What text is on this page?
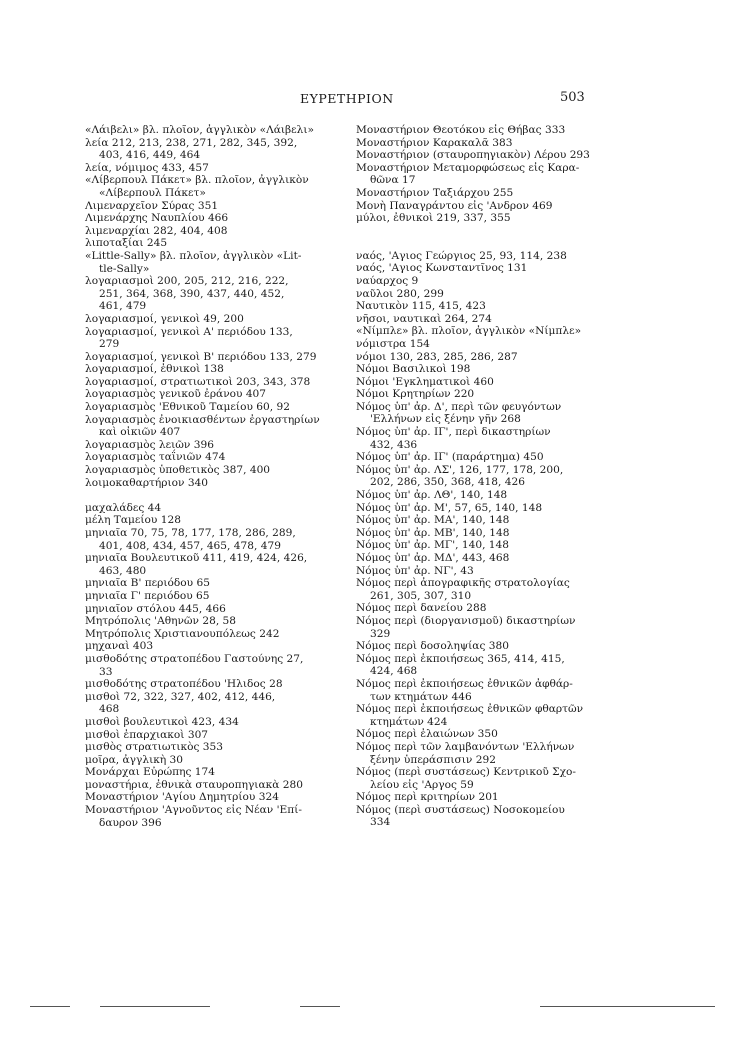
ΕΥΡΕΤΗΡΙΟΝ	503
«Λάιβελι» βλ. πλοῖον, ἀγγλικὸν «Λάιβελι»
λεία 212, 213, 238, 271, 282, 345, 392,
403, 416, 449, 464
λεία, νόμιμος 433, 457
«Λίβερπουλ Πάκετ» βλ. πλοῖον, ἀγγλικὸν
«Λίβερπουλ Πάκετ»
Λιμεναρχεῖον Σύρας 351
Λιμενάρχης Ναυπλίου 466
λιμεναρχίαι 282, 404, 408
λιποταξίαι 245
«Little-Sally» βλ. πλοῖον, ἀγγλικὸν «Lit-
tle-Sally»
λογαριασμοὶ 200, 205, 212, 216, 222,
251, 364, 368, 390, 437, 440, 452,
461, 479
λογαριασμοί, γενικοὶ 49, 200
λογαριασμοί, γενικοὶ Α' περιόδου 133,
279
λογαριασμοί, γενικοὶ Β' περιόδου 133, 279
λογαριασμοί, ἐθνικοὶ 138
λογαριασμοί, στρατιωτικοὶ 203, 343, 378
λογαριασμὸς γενικοῦ ἐράνου 407
λογαριασμὸς 'Εθνικοῦ Ταμείου 60, 92
λογαριασμὸς ἐνοικιασθέντων ἐργαστηρίων
καὶ οἰκιῶν 407
λογαριασμὸς λειῶν 396
λογαριασμὸς ταΐνιῶν 474
λογαριασμὸς ὑποθετικὸς 387, 400
λοιμοκαθαρτήριον 340
μαχαλάδες 44
μέλη Ταμείου 128
μηνιαῖα 70, 75, 78, 177, 178, 286, 289,
401, 408, 434, 457, 465, 478, 479
μηνιαῖα Βουλευτικοῦ 411, 419, 424, 426,
463, 480
μηνιαῖα Β' περιόδου 65
μηνιαῖα Γ' περιόδου 65
μηνιαῖον στόλου 445, 466
Μητρόπολις 'Αθηνῶν 28, 58
Μητρόπολις Χριστιανουπόλεως 242
μηχαναὶ 403
μισθοδότης στρατοπέδου Γαστούνης 27,
33
μισθοδότης στρατοπέδου 'Ηλιδος 28
μισθοὶ 72, 322, 327, 402, 412, 446,
468
μισθοὶ βουλευτικοὶ 423, 434
μισθοὶ ἐπαρχιακοὶ 307
μισθὸς στρατιωτικὸς 353
μοῖρα, ἀγγλικὴ 30
Μονάρχαι Εὐρώπης 174
μοναστήρια, ἐθνικὰ σταυροπηγιακὰ 280
Μοναστήριον 'Αγίου Δημητρίου 324
Μοναστήριον 'Αγνοῦντος εἰς Νέαν 'Επί-
δαυρον 396
Μοναστήριον Θεοτόκου εἰς Θήβας 333
Μοναστήριον Καρακαλᾶ 383
Μοναστήριον (σταυροπηγιακὸν) Λέρου 293
Μοναστήριον Μεταμορφώσεως εἰς Καρα-
θῶνα 17
Μοναστήριον Ταξιάρχου 255
Μονὴ Παναγράντου εἰς 'Ανδρον 469
μύλοι, ἐθνικοὶ 219, 337, 355
ναός, 'Αγιος Γεώργιος 25, 93, 114, 238
ναός, 'Αγιος Κωνσταντῖνος 131
ναύαρχος 9
ναῦλοι 280, 299
Ναυτικὸν 115, 415, 423
νῆσοι, ναυτικαὶ 264, 274
«Νίμπλε» βλ. πλοῖον, ἀγγλικὸν «Νίμπλε»
νόμιστρα 154
νόμοι 130, 283, 285, 286, 287
Νόμοι Βασιλικοὶ 198
Νόμοι 'Εγκληματικοὶ 460
Νόμοι Κρητηρίων 220
Νόμος ὑπ' ἀρ. Δ', περὶ τῶν φευγόντων
'Ελλήνων εἰς ξένην γῆν 268
Νόμος ὑπ' ἀρ. ΙΓ', περὶ δικαστηρίων
432, 436
Νόμος ὑπ' ἀρ. ΙΓ' (παράρτημα) 450
Νόμος ὑπ' ἀρ. ΛΣ', 126, 177, 178, 200,
202, 286, 350, 368, 418, 426
Νόμος ὑπ' ἀρ. ΛΘ', 140, 148
Νόμος ὑπ' ἀρ. Μ', 57, 65, 140, 148
Νόμος ὑπ' ἀρ. ΜΑ', 140, 148
Νόμος ὑπ' ἀρ. ΜΒ', 140, 148
Νόμος ὑπ' ἀρ. ΜΓ', 140, 148
Νόμος ὑπ' ἀρ. ΜΔ', 443, 468
Νόμος ὑπ' ἀρ. ΝΓ', 43
Νόμος περὶ ἀπογραφικῆς στρατολογίας
261, 305, 307, 310
Νόμος περὶ δανείου 288
Νόμος περὶ (διοργανισμοῦ) δικαστηρίων
329
Νόμος περὶ δοσοληψίας 380
Νόμος περὶ ἐκποιήσεως 365, 414, 415,
424, 468
Νόμος περὶ ἐκποιήσεως ἐθνικῶν ἀφθάρ-
των κτημάτων 446
Νόμος περὶ ἐκποιήσεως ἐθνικῶν φθαρτῶν
κτημάτων 424
Νόμος περὶ ἐλαιώνων 350
Νόμος περὶ τῶν λαμβανόντων 'Ελλήνων
ξένην ὑπεράσπισιν 292
Νόμος (περὶ συστάσεως) Κεντρικοῦ Σχο-
λείου εἰς 'Αργος 59
Νόμος περὶ κριτηρίων 201
Νόμος (περὶ συστάσεως) Νοσοκομείου
334
